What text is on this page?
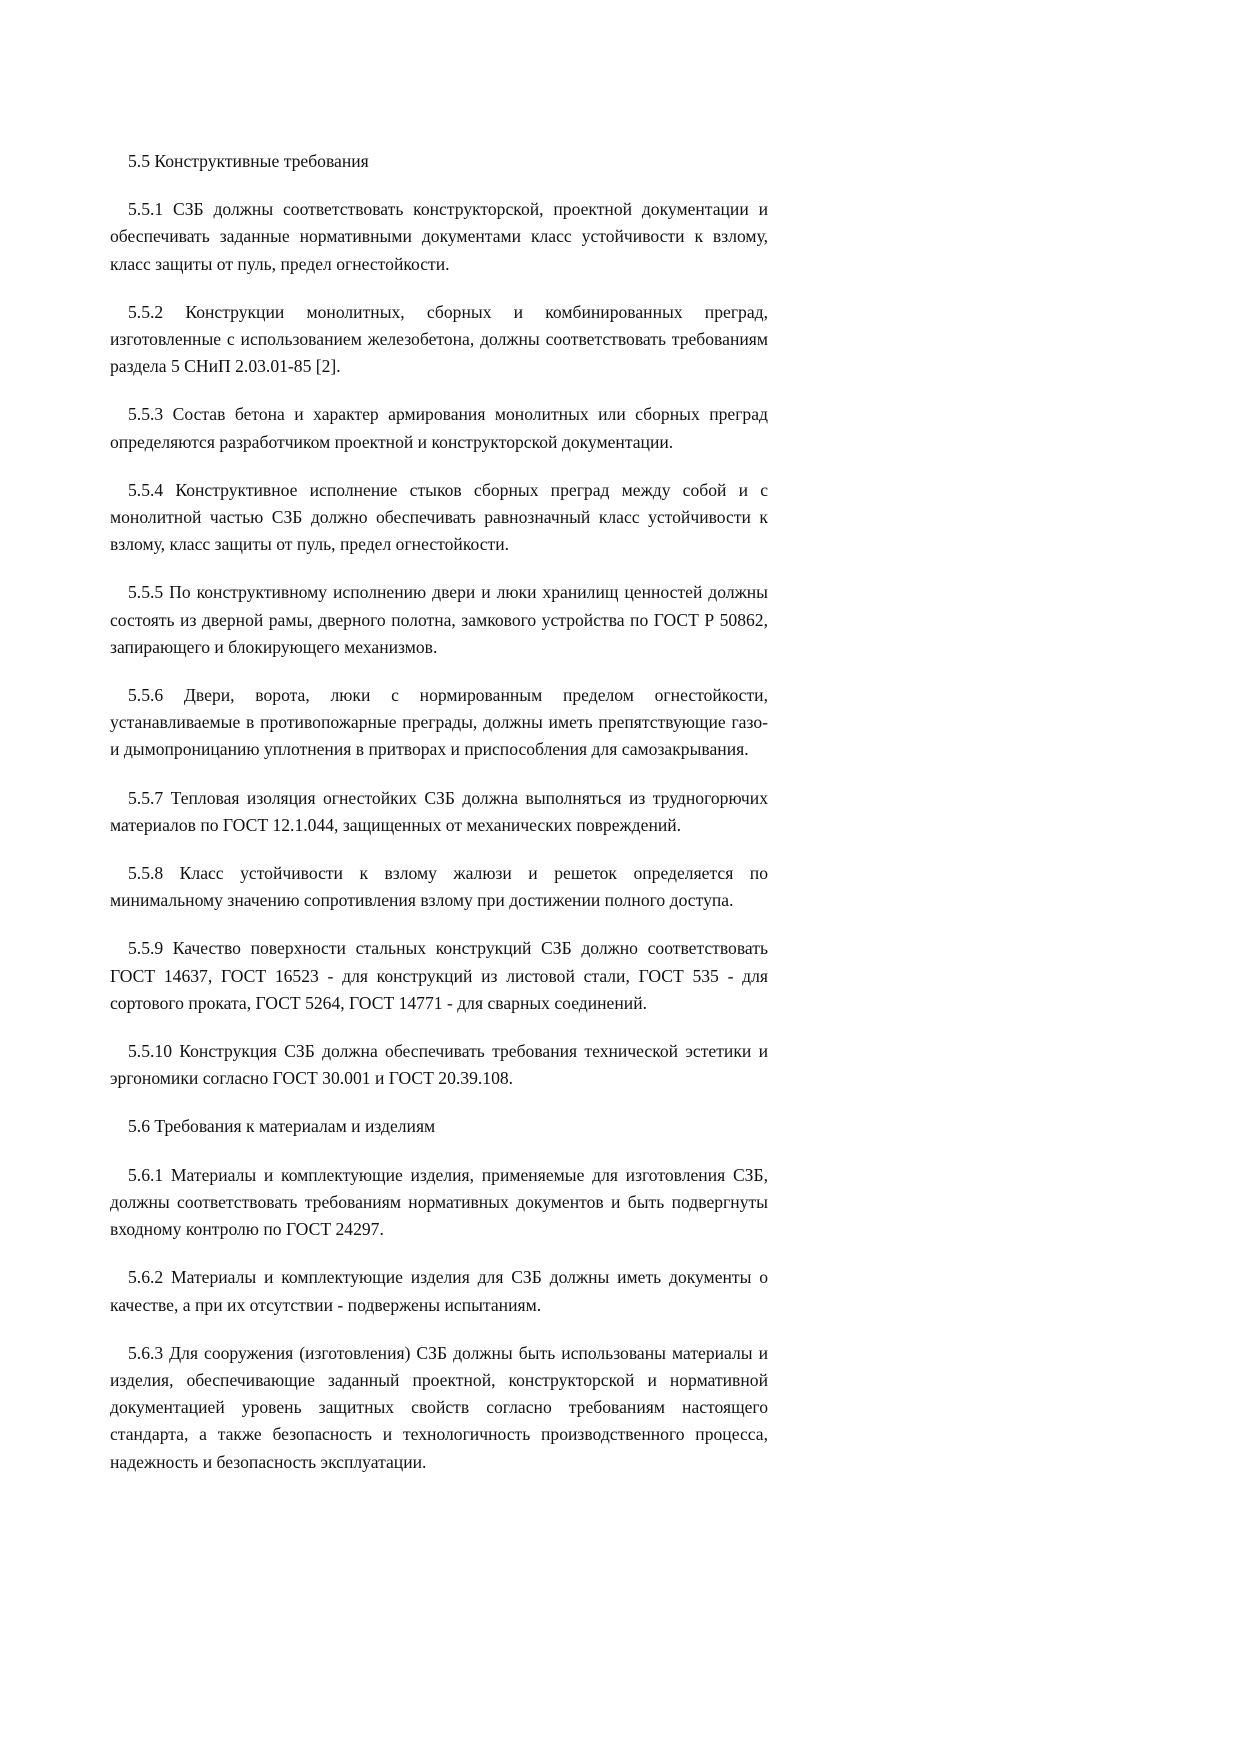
5.5 Конструктивные требования

5.5.1 СЗБ должны соответствовать конструкторской, проектной документации и обеспечивать заданные нормативными документами класс устойчивости к взлому, класс защиты от пуль, предел огнестойкости.

5.5.2 Конструкции монолитных, сборных и комбинированных преград, изготовленные с использованием железобетона, должны соответствовать требованиям раздела 5 СНиП 2.03.01-85 [2].

5.5.3 Состав бетона и характер армирования монолитных или сборных преград определяются разработчиком проектной и конструкторской документации.

5.5.4 Конструктивное исполнение стыков сборных преград между собой и с монолитной частью СЗБ должно обеспечивать равнозначный класс устойчивости к взлому, класс защиты от пуль, предел огнестойкости.

5.5.5 По конструктивному исполнению двери и люки хранилищ ценностей должны состоять из дверной рамы, дверного полотна, замкового устройства по ГОСТ Р 50862, запирающего и блокирующего механизмов.

5.5.6 Двери, ворота, люки с нормированным пределом огнестойкости, устанавливаемые в противопожарные преграды, должны иметь препятствующие газо- и дымопроницанию уплотнения в притворах и приспособления для самозакрывания.

5.5.7 Тепловая изоляция огнестойких СЗБ должна выполняться из трудногорючих материалов по ГОСТ 12.1.044, защищенных от механических повреждений.

5.5.8 Класс устойчивости к взлому жалюзи и решеток определяется по минимальному значению сопротивления взлому при достижении полного доступа.

5.5.9 Качество поверхности стальных конструкций СЗБ должно соответствовать ГОСТ 14637, ГОСТ 16523 - для конструкций из листовой стали, ГОСТ 535 - для сортового проката, ГОСТ 5264, ГОСТ 14771 - для сварных соединений.

5.5.10 Конструкция СЗБ должна обеспечивать требования технической эстетики и эргономики согласно ГОСТ 30.001 и ГОСТ 20.39.108.

5.6 Требования к материалам и изделиям

5.6.1 Материалы и комплектующие изделия, применяемые для изготовления СЗБ, должны соответствовать требованиям нормативных документов и быть подвергнуты входному контролю по ГОСТ 24297.

5.6.2 Материалы и комплектующие изделия для СЗБ должны иметь документы о качестве, а при их отсутствии - подвержены испытаниям.

5.6.3 Для сооружения (изготовления) СЗБ должны быть использованы материалы и изделия, обеспечивающие заданный проектной, конструкторской и нормативной документацией уровень защитных свойств согласно требованиям настоящего стандарта, а также безопасность и технологичность производственного процесса, надежность и безопасность эксплуатации.
